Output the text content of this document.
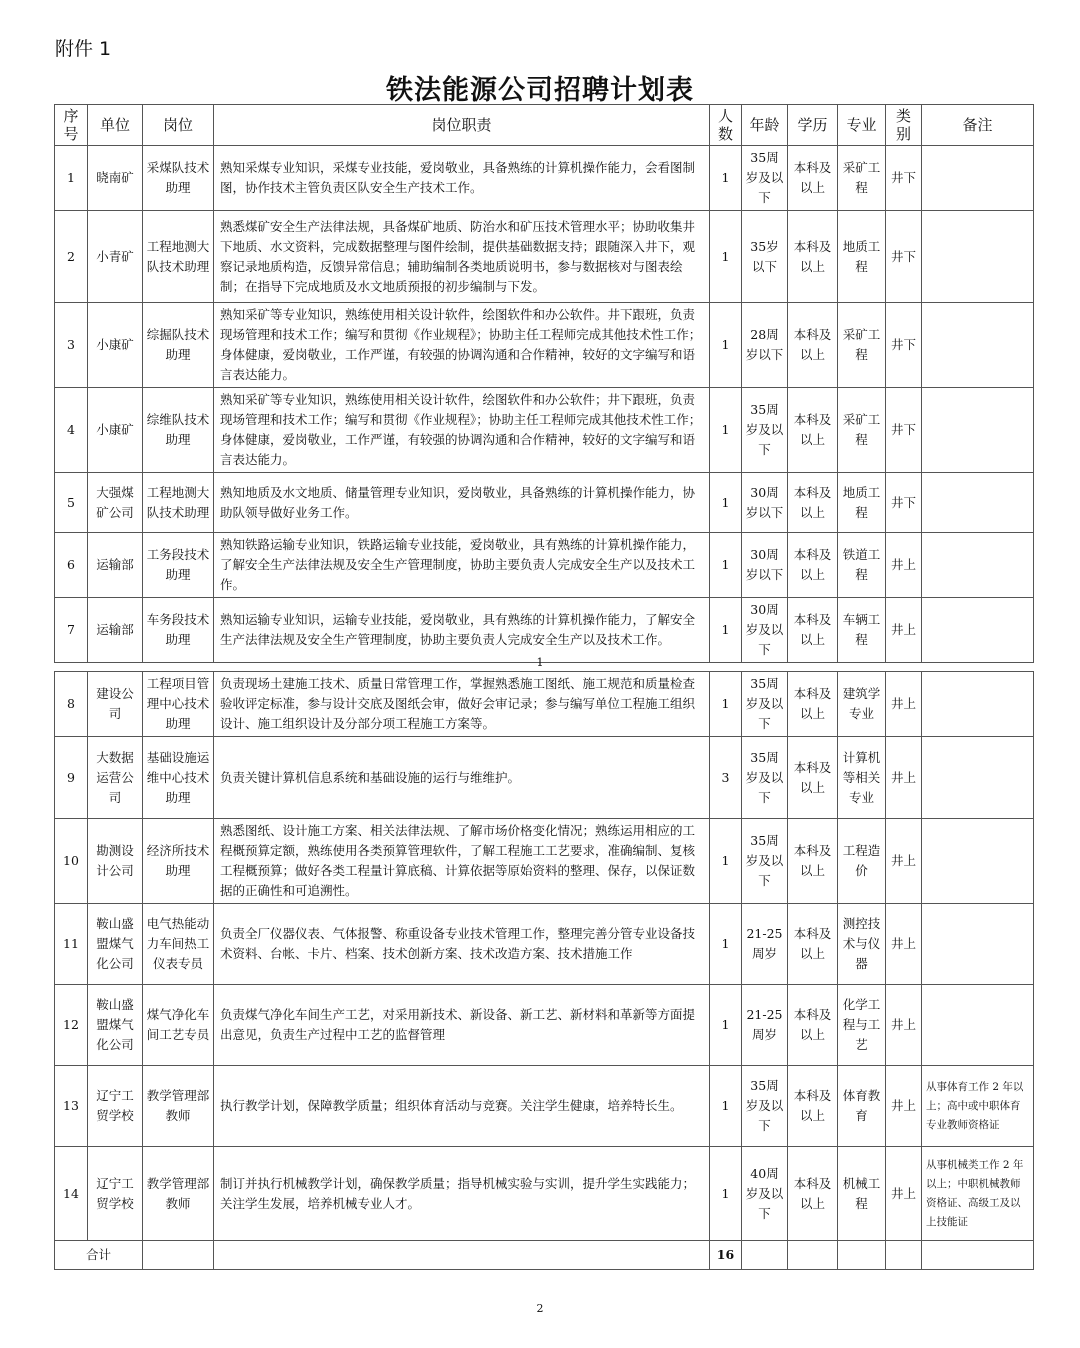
附件 1
铁法能源公司招聘计划表
序号	单位	岗位	岗位职责	人数	年龄	学历	专业	类别	备注
1	晓南矿	采煤队技术助理	熟知采煤专业知识，采煤专业技能，爱岗敬业，具备熟练的计算机操作能力，会看图制图，协作技术主管负责区队安全生产技术工作。	1	35周岁及以下	本科及以上	采矿工程	井下	
2	小青矿	工程地测大队技术助理	熟悉煤矿安全生产法律法规，具备煤矿地质、防治水和矿压技术管理水平；协助收集井下地质、水文资料，完成数据整理与图件绘制，提供基础数据支持；跟随深入井下，观察记录地质构造，反馈异常信息；辅助编制各类地质说明书，参与数据核对与图表绘制；在指导下完成地质及水文地质预报的初步编制与下发。	1	35岁以下	本科及以上	地质工程	井下	
3	小康矿	综掘队技术助理	熟知采矿等专业知识，熟练使用相关设计软件，绘图软件和办公软件。井下跟班，负责现场管理和技术工作；编写和贯彻《作业规程》；协助主任工程师完成其他技术性工作；身体健康，爱岗敬业，工作严谨，有较强的协调沟通和合作精神，较好的文字编写和语言表达能力。	1	28周岁以下	本科及以上	采矿工程	井下	
4	小康矿	综维队技术助理	熟知采矿等专业知识，熟练使用相关设计软件，绘图软件和办公软件；井下跟班，负责现场管理和技术工作；编写和贯彻《作业规程》；协助主任工程师完成其他技术性工作；身体健康，爱岗敬业，工作严谨，有较强的协调沟通和合作精神，较好的文字编写和语言表达能力。	1	35周岁及以下	本科及以上	采矿工程	井下	
5	大强煤矿公司	工程地测大队技术助理	熟知地质及水文地质、储量管理专业知识，爱岗敬业，具备熟练的计算机操作能力，协助队领导做好业务工作。	1	30周岁以下	本科及以上	地质工程	井下	
6	运输部	工务段技术助理	熟知铁路运输专业知识，铁路运输专业技能，爱岗敬业，具有熟练的计算机操作能力，了解安全生产法律法规及安全生产管理制度，协助主要负责人完成安全生产以及技术工作。	1	30周岁以下	本科及以上	铁道工程	井上	
7	运输部	车务段技术助理	熟知运输专业知识，运输专业技能，爱岗敬业，具有熟练的计算机操作能力，了解安全生产法律法规及安全生产管理制度，协助主要负责人完成安全生产以及技术工作。	1	30周岁及以下	本科及以上	车辆工程	井上	
1
8	建设公司	工程项目管理中心技术助理	负责现场土建施工技术、质量日常管理工作，掌握熟悉施工图纸、施工规范和质量检查验收评定标准，参与设计交底及图纸会审，做好会审记录；参与编写单位工程施工组织设计、施工组织设计及分部分项工程施工方案等。	1	35周岁及以下	本科及以上	建筑学专业	井上	
9	大数据运营公司	基础设施运维中心技术助理	负责关键计算机信息系统和基础设施的运行与维维护。	3	35周岁及以下	本科及以上	计算机等相关专业	井上	
10	勘测设计公司	经济所技术助理	熟悉图纸、设计施工方案、相关法律法规、了解市场价格变化情况；熟练运用相应的工程概预算定额，熟练使用各类预算管理软件，了解工程施工工艺要求，准确编制、复核工程概预算；做好各类工程量计算底稿、计算依据等原始资料的整理、保存，以保证数据的正确性和可追溯性。	1	35周岁及以下	本科及以上	工程造价	井上	
11	鞍山盛盟煤气化公司	电气热能动力车间热工仪表专员	负责全厂仪器仪表、气体报警、称重设备专业技术管理工作，整理完善分管专业设备技术资料、台帐、卡片、档案、技术创新方案、技术改造方案、技术措施工作	1	21-25周岁	本科及以上	测控技术与仪器	井上	
12	鞍山盛盟煤气化公司	煤气净化车间工艺专员	负责煤气净化车间生产工艺，对采用新技术、新设备、新工艺、新材料和革新等方面提出意见，负责生产过程中工艺的监督管理	1	21-25周岁	本科及以上	化学工程与工艺	井上	
13	辽宁工贸学校	教学管理部教师	执行教学计划，保障教学质量；组织体育活动与竞赛。关注学生健康，培养特长生。	1	35周岁及以下	本科及以上	体育教育	井上	从事体育工作 2 年以上；高中或中职体育专业教师资格证
14	辽宁工贸学校	教学管理部教师	制订并执行机械教学计划，确保教学质量；指导机械实验与实训，提升学生实践能力；关注学生发展，培养机械专业人才。	1	40周岁及以下	本科及以上	机械工程	井上	从事机械类工作 2 年以上；中职机械教师资格证、高级工及以上技能证
合计				16					
2
